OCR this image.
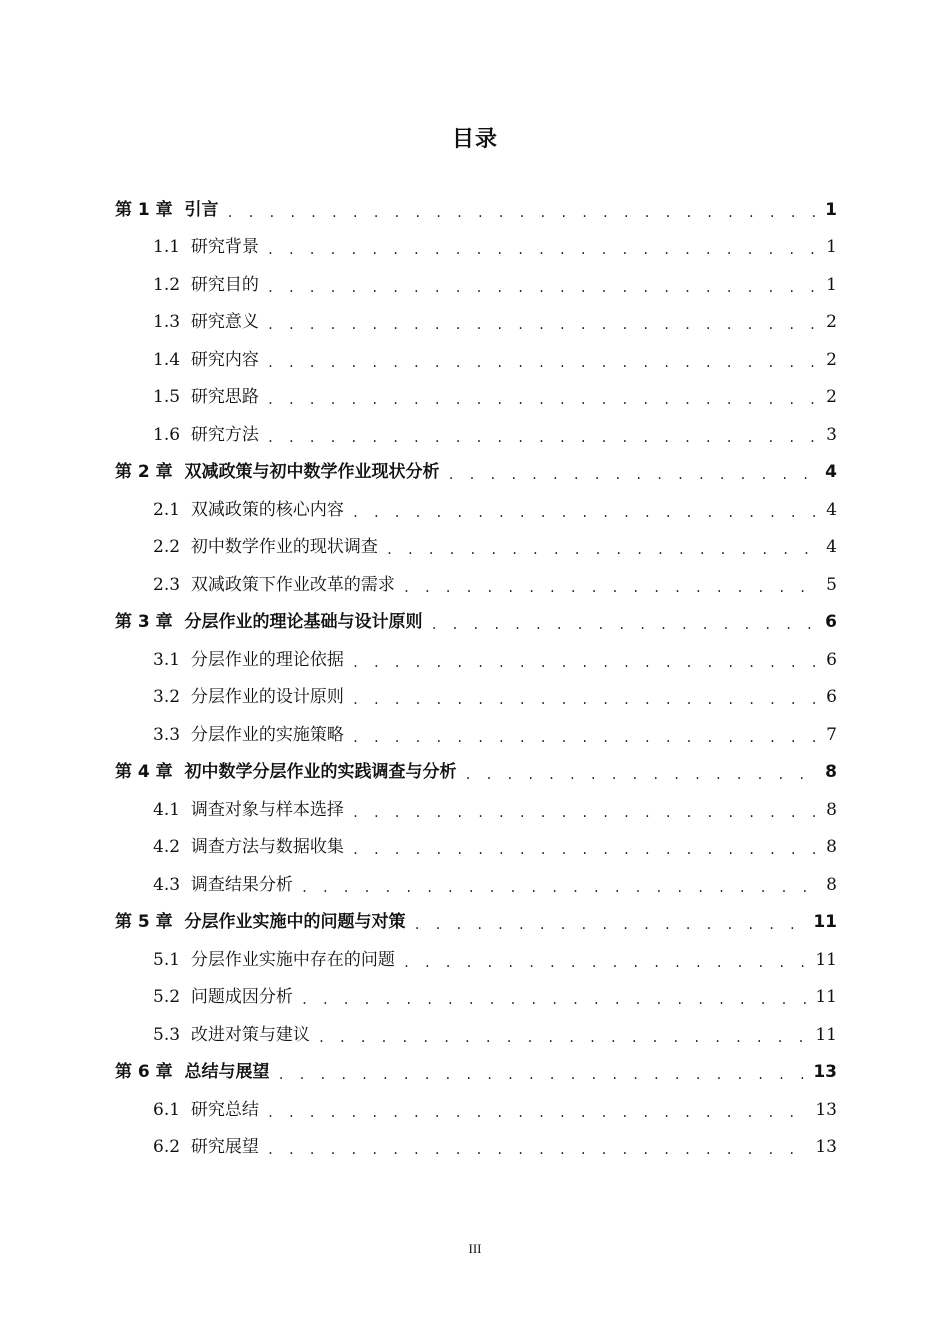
目录
第 1 章  引言 . . .	1
1.1  研究背景 . . .	1
1.2  研究目的 . . .	1
1.3  研究意义 . . .	2
1.4  研究内容 . . .	2
1.5  研究思路 . . .	2
1.6  研究方法 . . .	3
第 2 章  双减政策与初中数学作业现状分析 . . .	4
2.1  双减政策的核心内容 . . .	4
2.2  初中数学作业的现状调查 . . .	4
2.3  双减政策下作业改革的需求 . . .	5
第 3 章  分层作业的理论基础与设计原则 . . .	6
3.1  分层作业的理论依据 . . .	6
3.2  分层作业的设计原则 . . .	6
3.3  分层作业的实施策略 . . .	7
第 4 章  初中数学分层作业的实践调查与分析 . . .	8
4.1  调查对象与样本选择 . . .	8
4.2  调查方法与数据收集 . . .	8
4.3  调查结果分析 . . .	8
第 5 章  分层作业实施中的问题与对策 . . .	11
5.1  分层作业实施中存在的问题 . . .	11
5.2  问题成因分析 . . .	11
5.3  改进对策与建议 . . .	11
第 6 章  总结与展望 . . .	13
6.1  研究总结 . . .	13
6.2  研究展望 . . .	13
III
